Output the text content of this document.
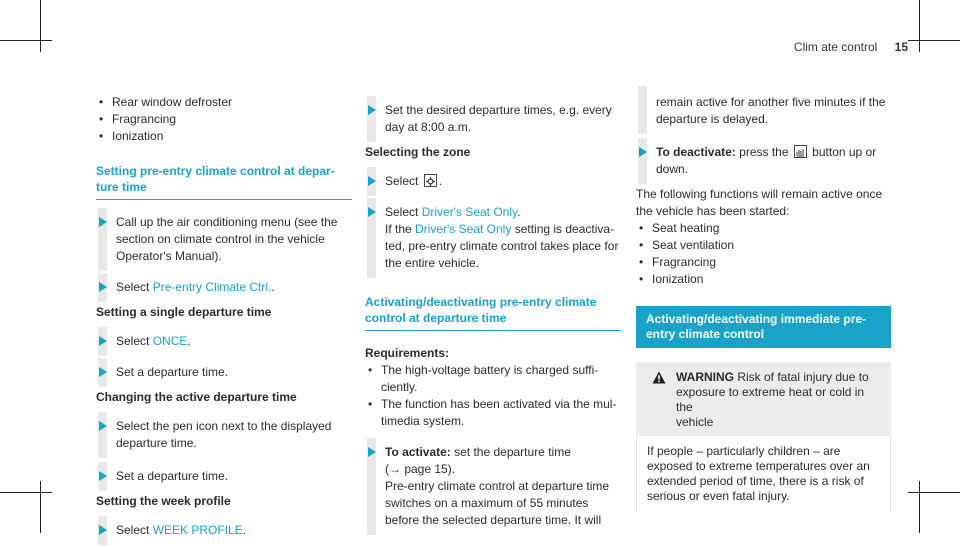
Clim ate control 15

• Rear window defroster

• Fragrancing

• Ionization

Setting pre-entry climate control at depar-

ture time

Call up the air conditioning menu (see the

section on climate control in the vehicle

Operator's Manual).

Select Pre-entry Climate Ctrl..

Setting a single departure time

Select ONCE.

Set a departure time.

Changing the active departure time

Select the pen icon next to the displayed

departure time.

Set a departure time.

Setting the week profile

Select WEEK PROFILE.

Set the desired departure times, e.g. every

day at 8:00 a.m.

Selecting the zone

Select .

Select Driver's Seat Only.

If the Driver's Seat Only setting is deactiva-

ted, pre-entry climate control takes place for

the entire vehicle.

Activating/deactivating pre-entry climate

control at departure time

Requirements:

• The high-voltage battery is charged suffi-

ciently.

• The function has been activated via the mul-

timedia system.

To activate: set the departure time

(→ page 15).

Pre-entry climate control at departure time

switches on a maximum of 55 minutes

before the selected departure time. It will

remain active for another five minutes if the

departure is delayed.

To deactivate: press the  button up or

down.

The following functions will remain active once

the vehicle has been started:

• Seat heating

• Seat ventilation

• Fragrancing

• Ionization

Activating/deactivating immediate pre-
entry climate control
WARNING Risk of fatal injury due to
exposure to extreme heat or cold in the
vehicle
If people – particularly children – are
exposed to extreme temperatures over an
extended period of time, there is a risk of
serious or even fatal injury.
